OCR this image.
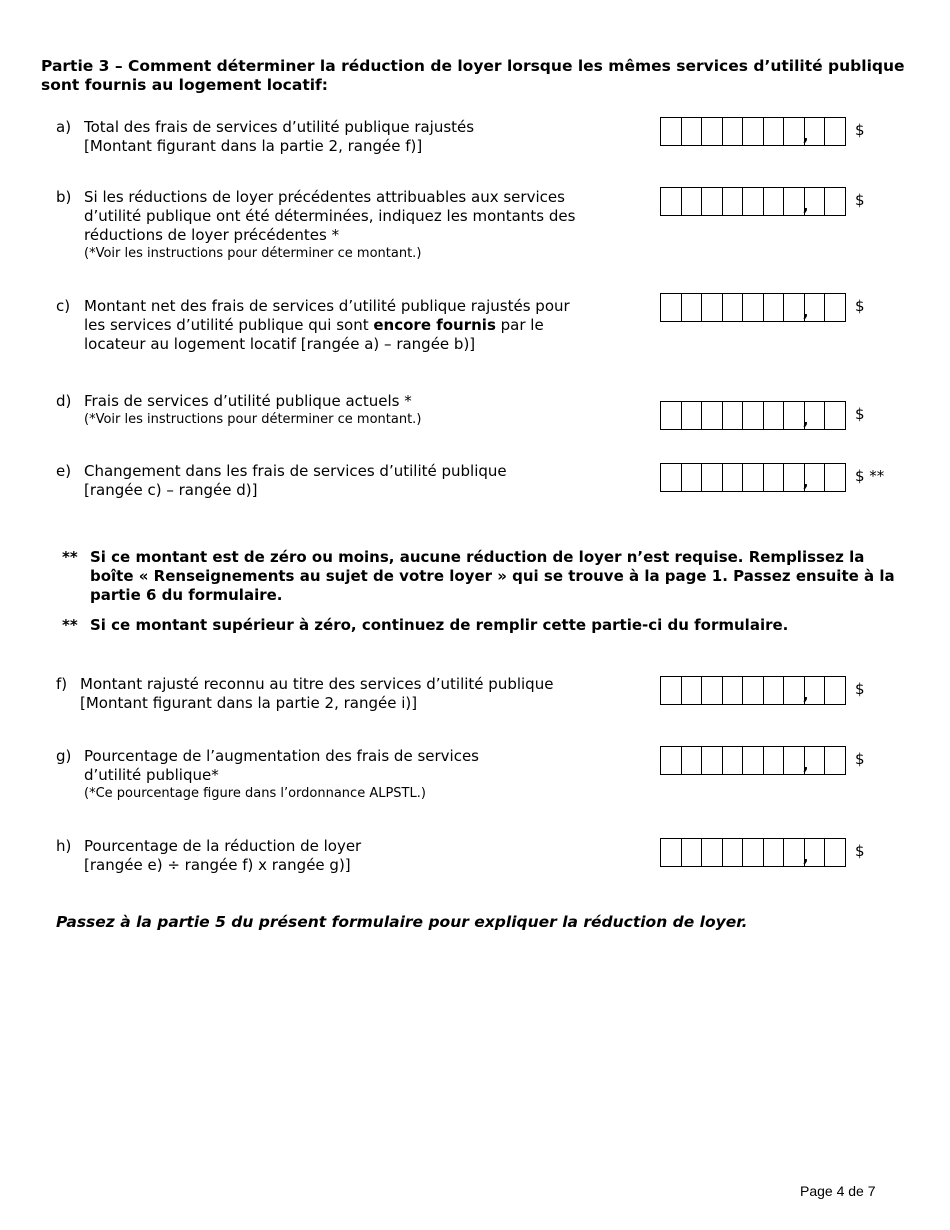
Partie 3 – Comment déterminer la réduction de loyer lorsque les mêmes services d’utilité publique sont fournis au logement locatif:
a) Total des frais de services d’utilité publique rajustés
[Montant figurant dans la partie 2, rangée f)]
,	$
b) Si les réductions de loyer précédentes attribuables aux services
d’utilité publique ont été déterminées, indiquez les montants des
réductions de loyer précédentes *
(*Voir les instructions pour déterminer ce montant.)
,	$
c) Montant net des frais de services d’utilité publique rajustés pour
les services d’utilité publique qui sont encore fournis par le
locateur au logement locatif [rangée a) – rangée b)]
,	$
d) Frais de services d’utilité publique actuels *
(*Voir les instructions pour déterminer ce montant.)	,	$
e) Changement dans les frais de services d’utilité publique
[rangée c) – rangée d)]	,	$ **
** Si ce montant est de zéro ou moins, aucune réduction de loyer n’est requise. Remplissez la boîte « Renseignements au sujet de votre loyer » qui se trouve à la page 1. Passez ensuite à la partie 6 du formulaire.
** Si ce montant supérieur à zéro, continuez de remplir cette partie-ci du formulaire.
f) Montant rajusté reconnu au titre des services d’utilité publique
[Montant figurant dans la partie 2, rangée i)]	,	$
g) Pourcentage de l’augmentation des frais de services
d’utilité publique*
(*Ce pourcentage figure dans l’ordonnance ALPSTL.)
,	$
h) Pourcentage de la réduction de loyer
[rangée e) ÷ rangée f) x rangée g)]	,	$
Passez à la partie 5 du présent formulaire pour expliquer la réduction de loyer.
Page 4 de 7
